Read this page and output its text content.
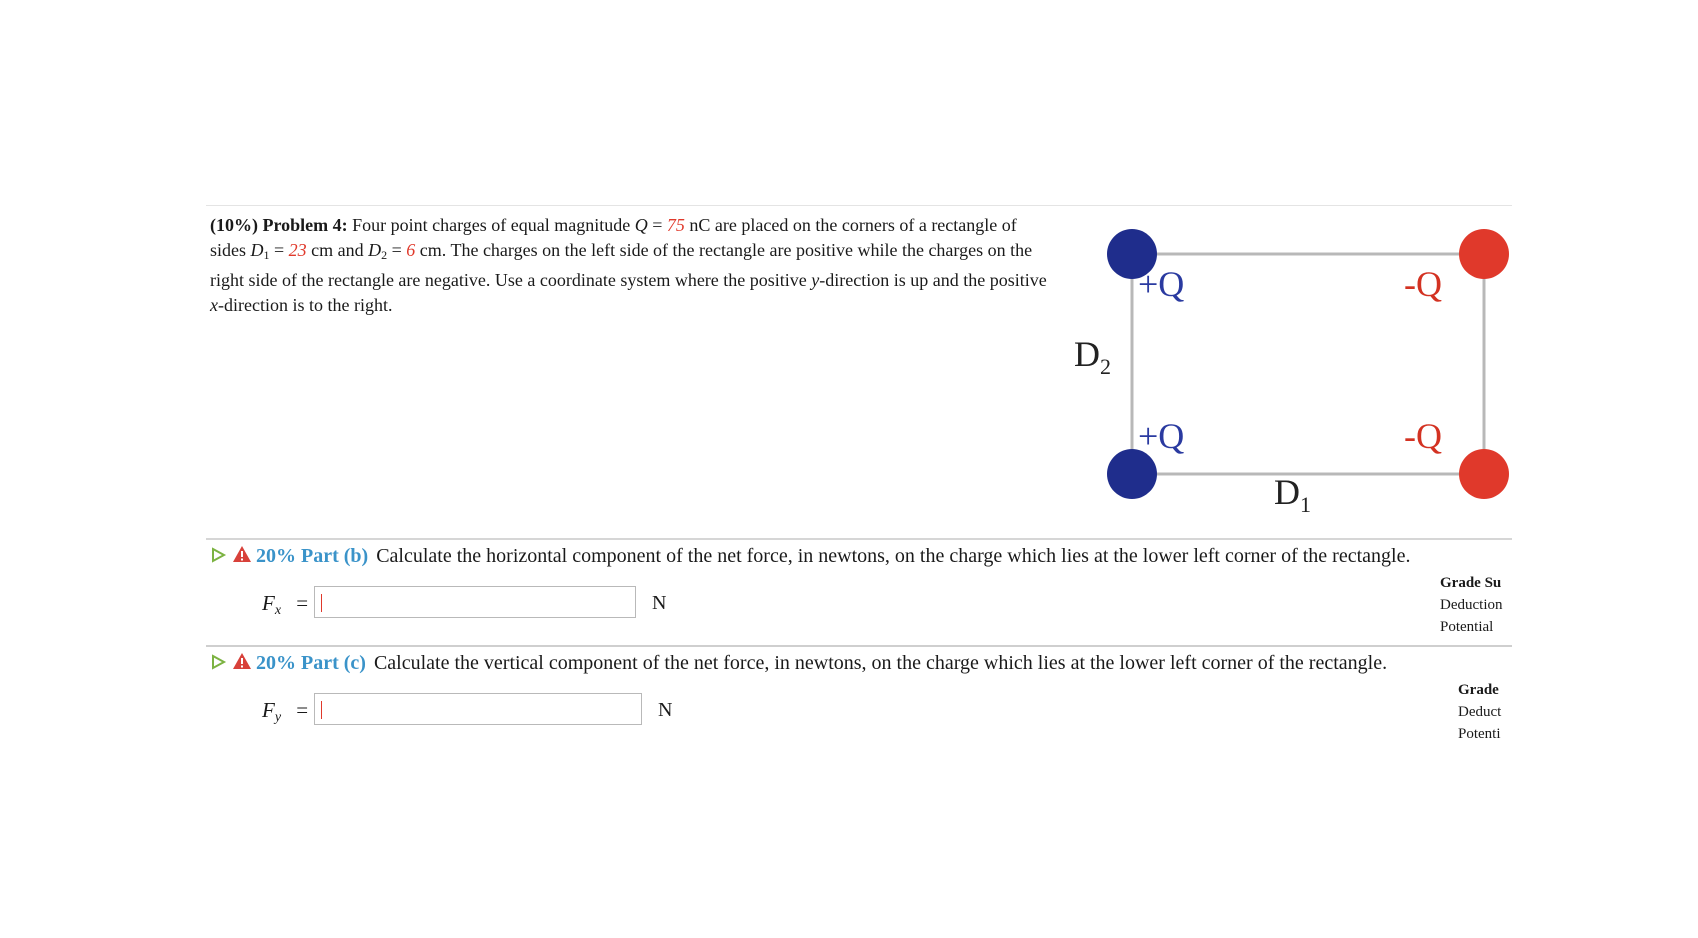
(10%) Problem 4: Four point charges of equal magnitude Q = 75 nC are placed on the corners of a rectangle of sides $D_1 = 23$ cm and $D_2 = 6$ cm. The charges on the left side of the rectangle are positive while the charges on the right side of the rectangle are negative. Use a coordinate system where the positive y-direction is up and the positive x-direction is to the right.
+Q	-Q
+Q	-Q
$D_2$
$D_1$
20% Part (b) Calculate the horizontal component of the net force, in newtons, on the charge which lies at the lower left corner of the rectangle.
Fx =	N
Grade Su
Deduction
Potential
20% Part (c) Calculate the vertical component of the net force, in newtons, on the charge which lies at the lower left corner of the rectangle.
Fy =	N
Grade
Deduct
Potenti
